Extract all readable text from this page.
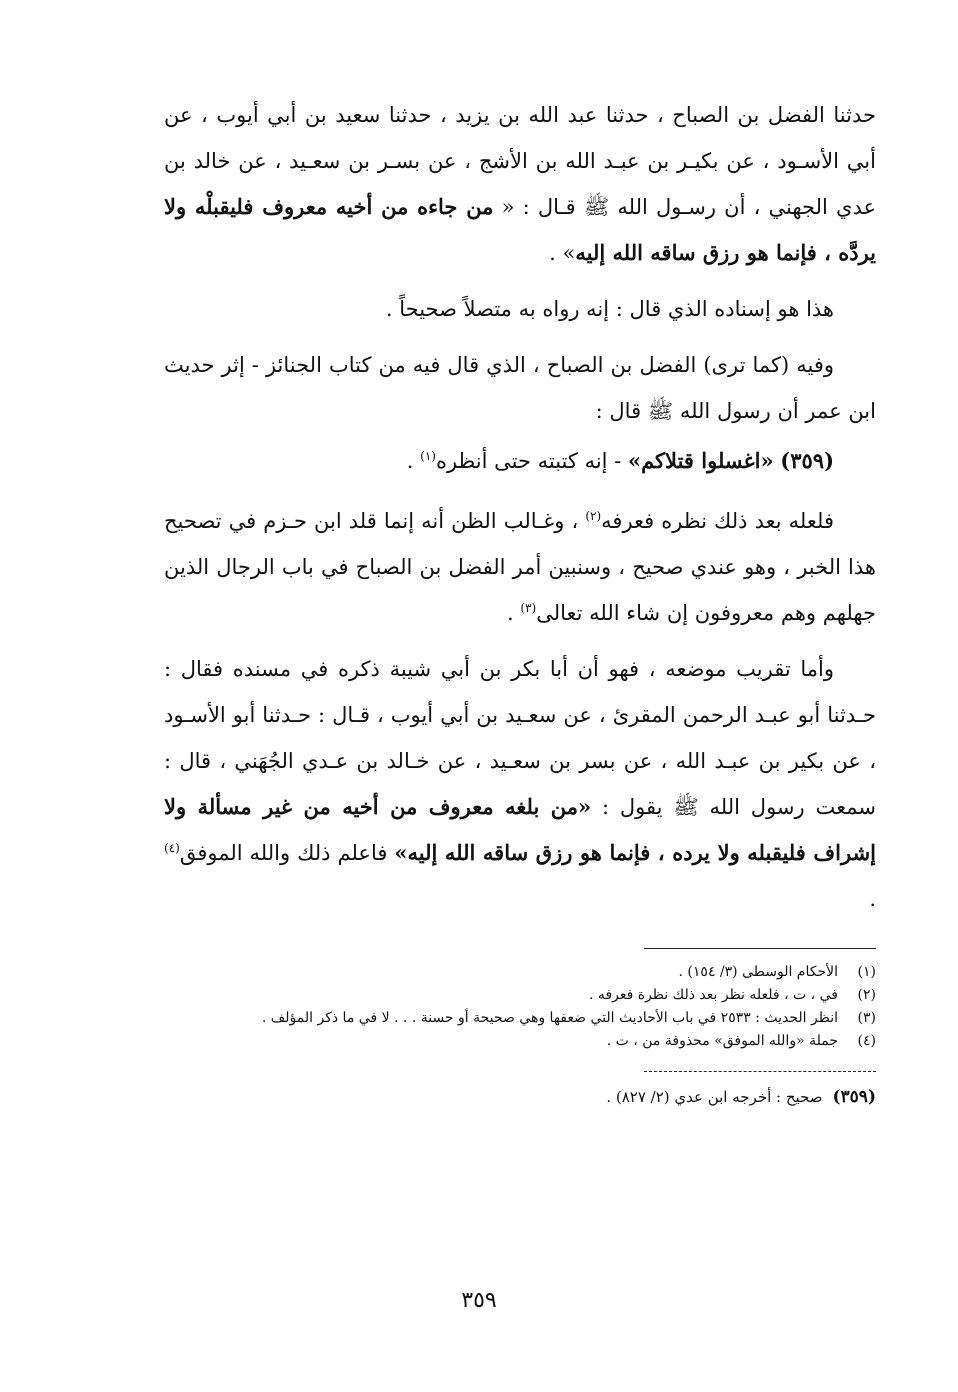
حدثنا الفضل بن الصباح ، حدثنا عبد الله بن يزيد ، حدثنا سعيد بن أبي أيوب ، عن أبي الأسـود ، عن بكيـر بن عبـد الله بن الأشج ، عن بسـر بن سعـيد ، عن خالد بن عدي الجهني ، أن رسـول الله ﷺ قـال : « من جاءه من أخيه معروف فليقبلْه ولا يردَّه ، فإنما هو رزق ساقه الله إليه» .

هذا هو إسناده الذي قال : إنه رواه به متصلاً صحيحاً .

وفيه (كما ترى) الفضل بن الصباح ، الذي قال فيه من كتاب الجنائز - إثر حديث ابن عمر أن رسول الله ﷺ قال :

(٣٥٩) «اغسلوا قتلاكم» - إنه كتبته حتى أنظره$^{(١)}$ .

فلعله بعد ذلك نظره فعرفه$^{(٢)}$ ، وغـالب الظن أنه إنما قلد ابن حـزم في تصحيح هذا الخبر ، وهو عندي صحيح ، وسنبين أمر الفضل بن الصباح في باب الرجال الذين جهلهم وهم معروفون إن شاء الله تعالى$^{(٣)}$ .

وأما تقريب موضعه ، فهو أن أبا بكر بن أبي شيبة ذكره في مسنده فقال : حـدثنا أبو عبـد الرحمن المقرئ ، عن سعـيد بن أبي أيوب ، قـال : حـدثنا أبو الأسـود ، عن بكير بن عبـد الله ، عن بسر بن سعـيد ، عن خـالد بن عـدي الجُهَني ، قال : سمعت رسول الله ﷺ يقول : «من بلغه معروف من أخيه من غير مسألة ولا إشراف فليقبله ولا يرده ، فإنما هو رزق ساقه الله إليه» فاعلم ذلك والله الموفق$^{(٤)}$ .

(١)الأحكام الوسطى (٣/ ١٥٤) .

(٢)في ، ت ، فلعله نظر بعد ذلك نظرة فعرفه .

(٣)انظر الحديث : ٢٥٣٣ في باب الأحاديث التي ضعفها وهي صحيحة أو حسنة . . . لا في ما ذكر المؤلف .

(٤)جملة «والله الموفق» محذوفة من ، ت .

(٣٥٩)صحيح : أخرجه ابن عدي (٢/ ٨٢٧) .

٣٥٩
